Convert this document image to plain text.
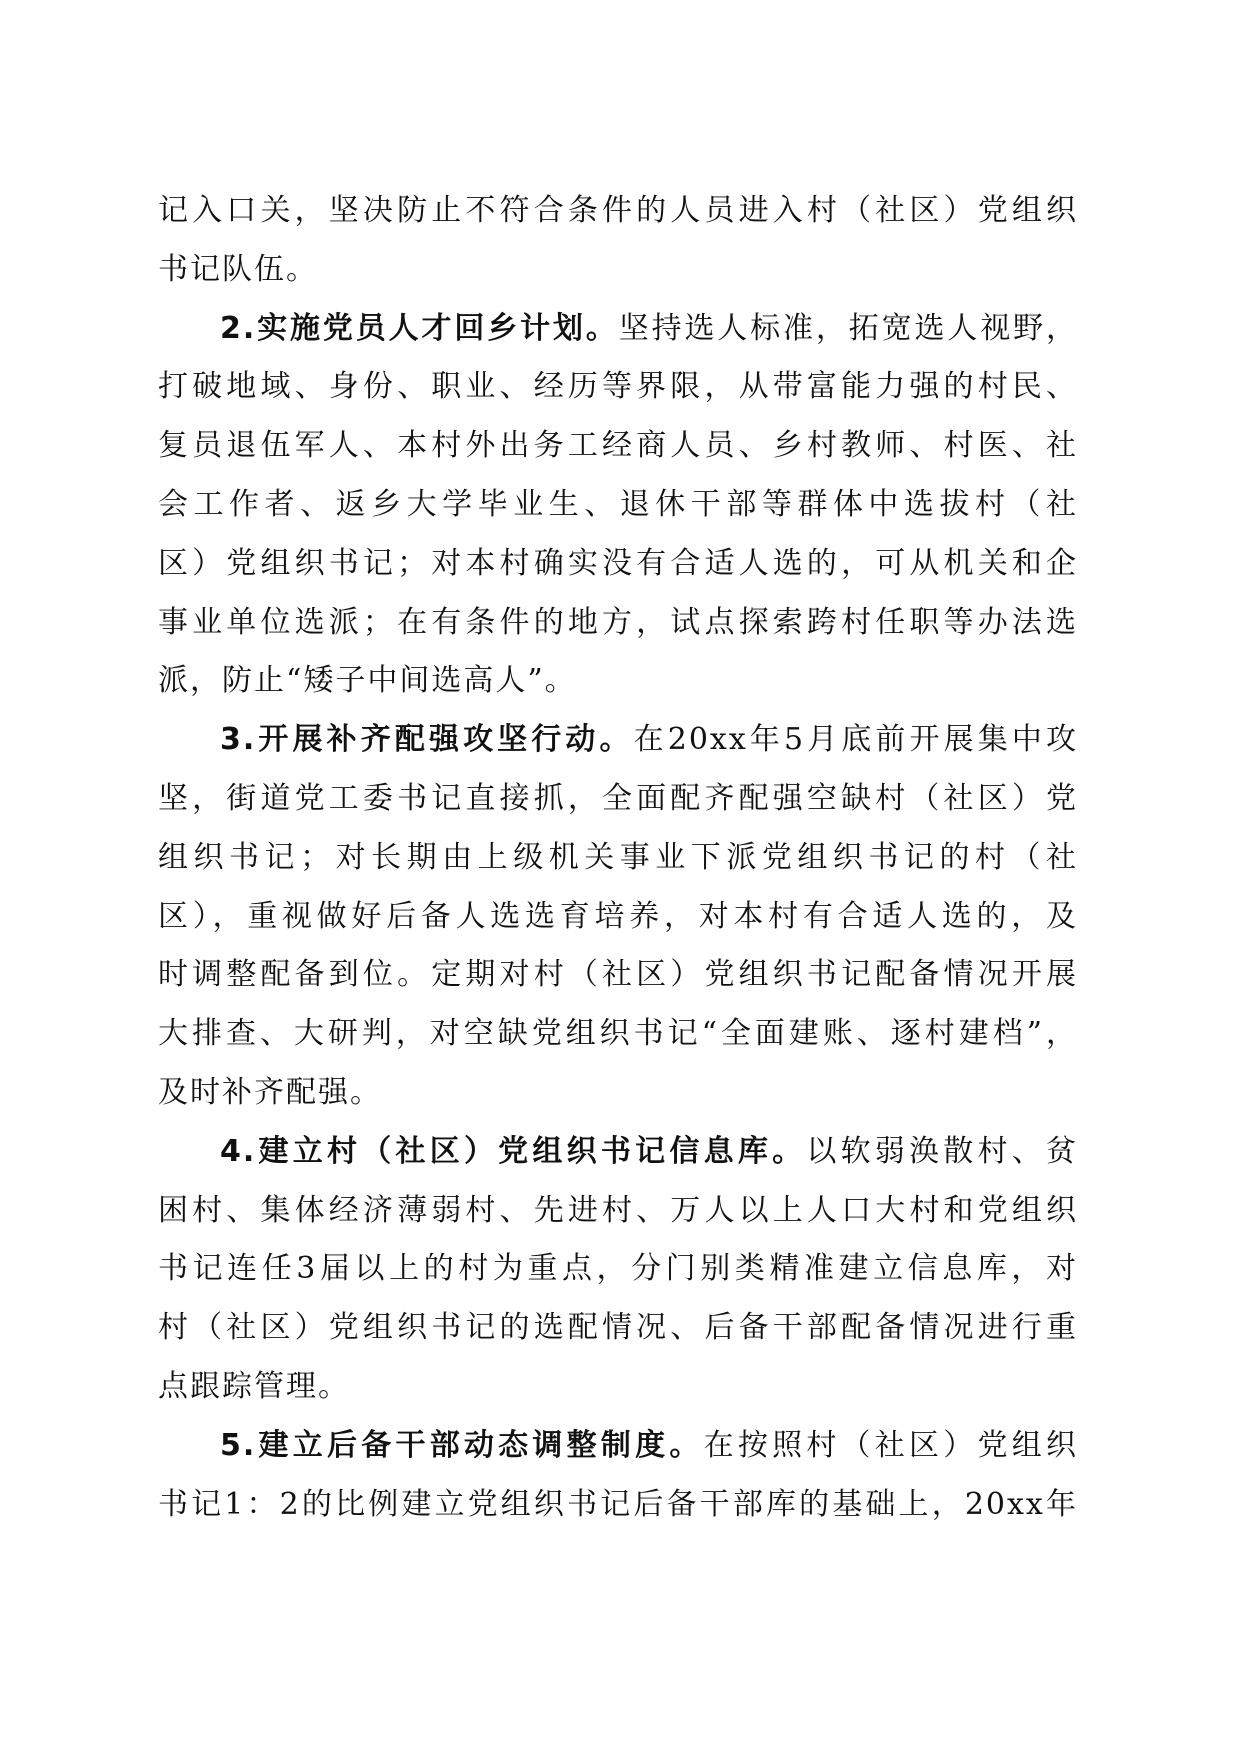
记入口关，坚决防止不符合条件的人员进入村（社区）党组织
书记队伍。
2.实施党员人才回乡计划。坚持选人标准，拓宽选人视野，
打破地域、身份、职业、经历等界限，从带富能力强的村民、
复员退伍军人、本村外出务工经商人员、乡村教师、村医、社
会工作者、返乡大学毕业生、退休干部等群体中选拔村（社
区）党组织书记；对本村确实没有合适人选的，可从机关和企
事业单位选派；在有条件的地方，试点探索跨村任职等办法选
派，防止“矮子中间选高人”。
3.开展补齐配强攻坚行动。在20xx年5月底前开展集中攻
坚，街道党工委书记直接抓，全面配齐配强空缺村（社区）党
组织书记；对长期由上级机关事业下派党组织书记的村（社
区），重视做好后备人选选育培养，对本村有合适人选的，及
时调整配备到位。定期对村（社区）党组织书记配备情况开展
大排查、大研判，对空缺党组织书记“全面建账、逐村建档”，
及时补齐配强。
4.建立村（社区）党组织书记信息库。以软弱涣散村、贫
困村、集体经济薄弱村、先进村、万人以上人口大村和党组织
书记连任3届以上的村为重点，分门别类精准建立信息库，对
村（社区）党组织书记的选配情况、后备干部配备情况进行重
点跟踪管理。
5.建立后备干部动态调整制度。在按照村（社区）党组织
书记1：2的比例建立党组织书记后备干部库的基础上，20xx年
